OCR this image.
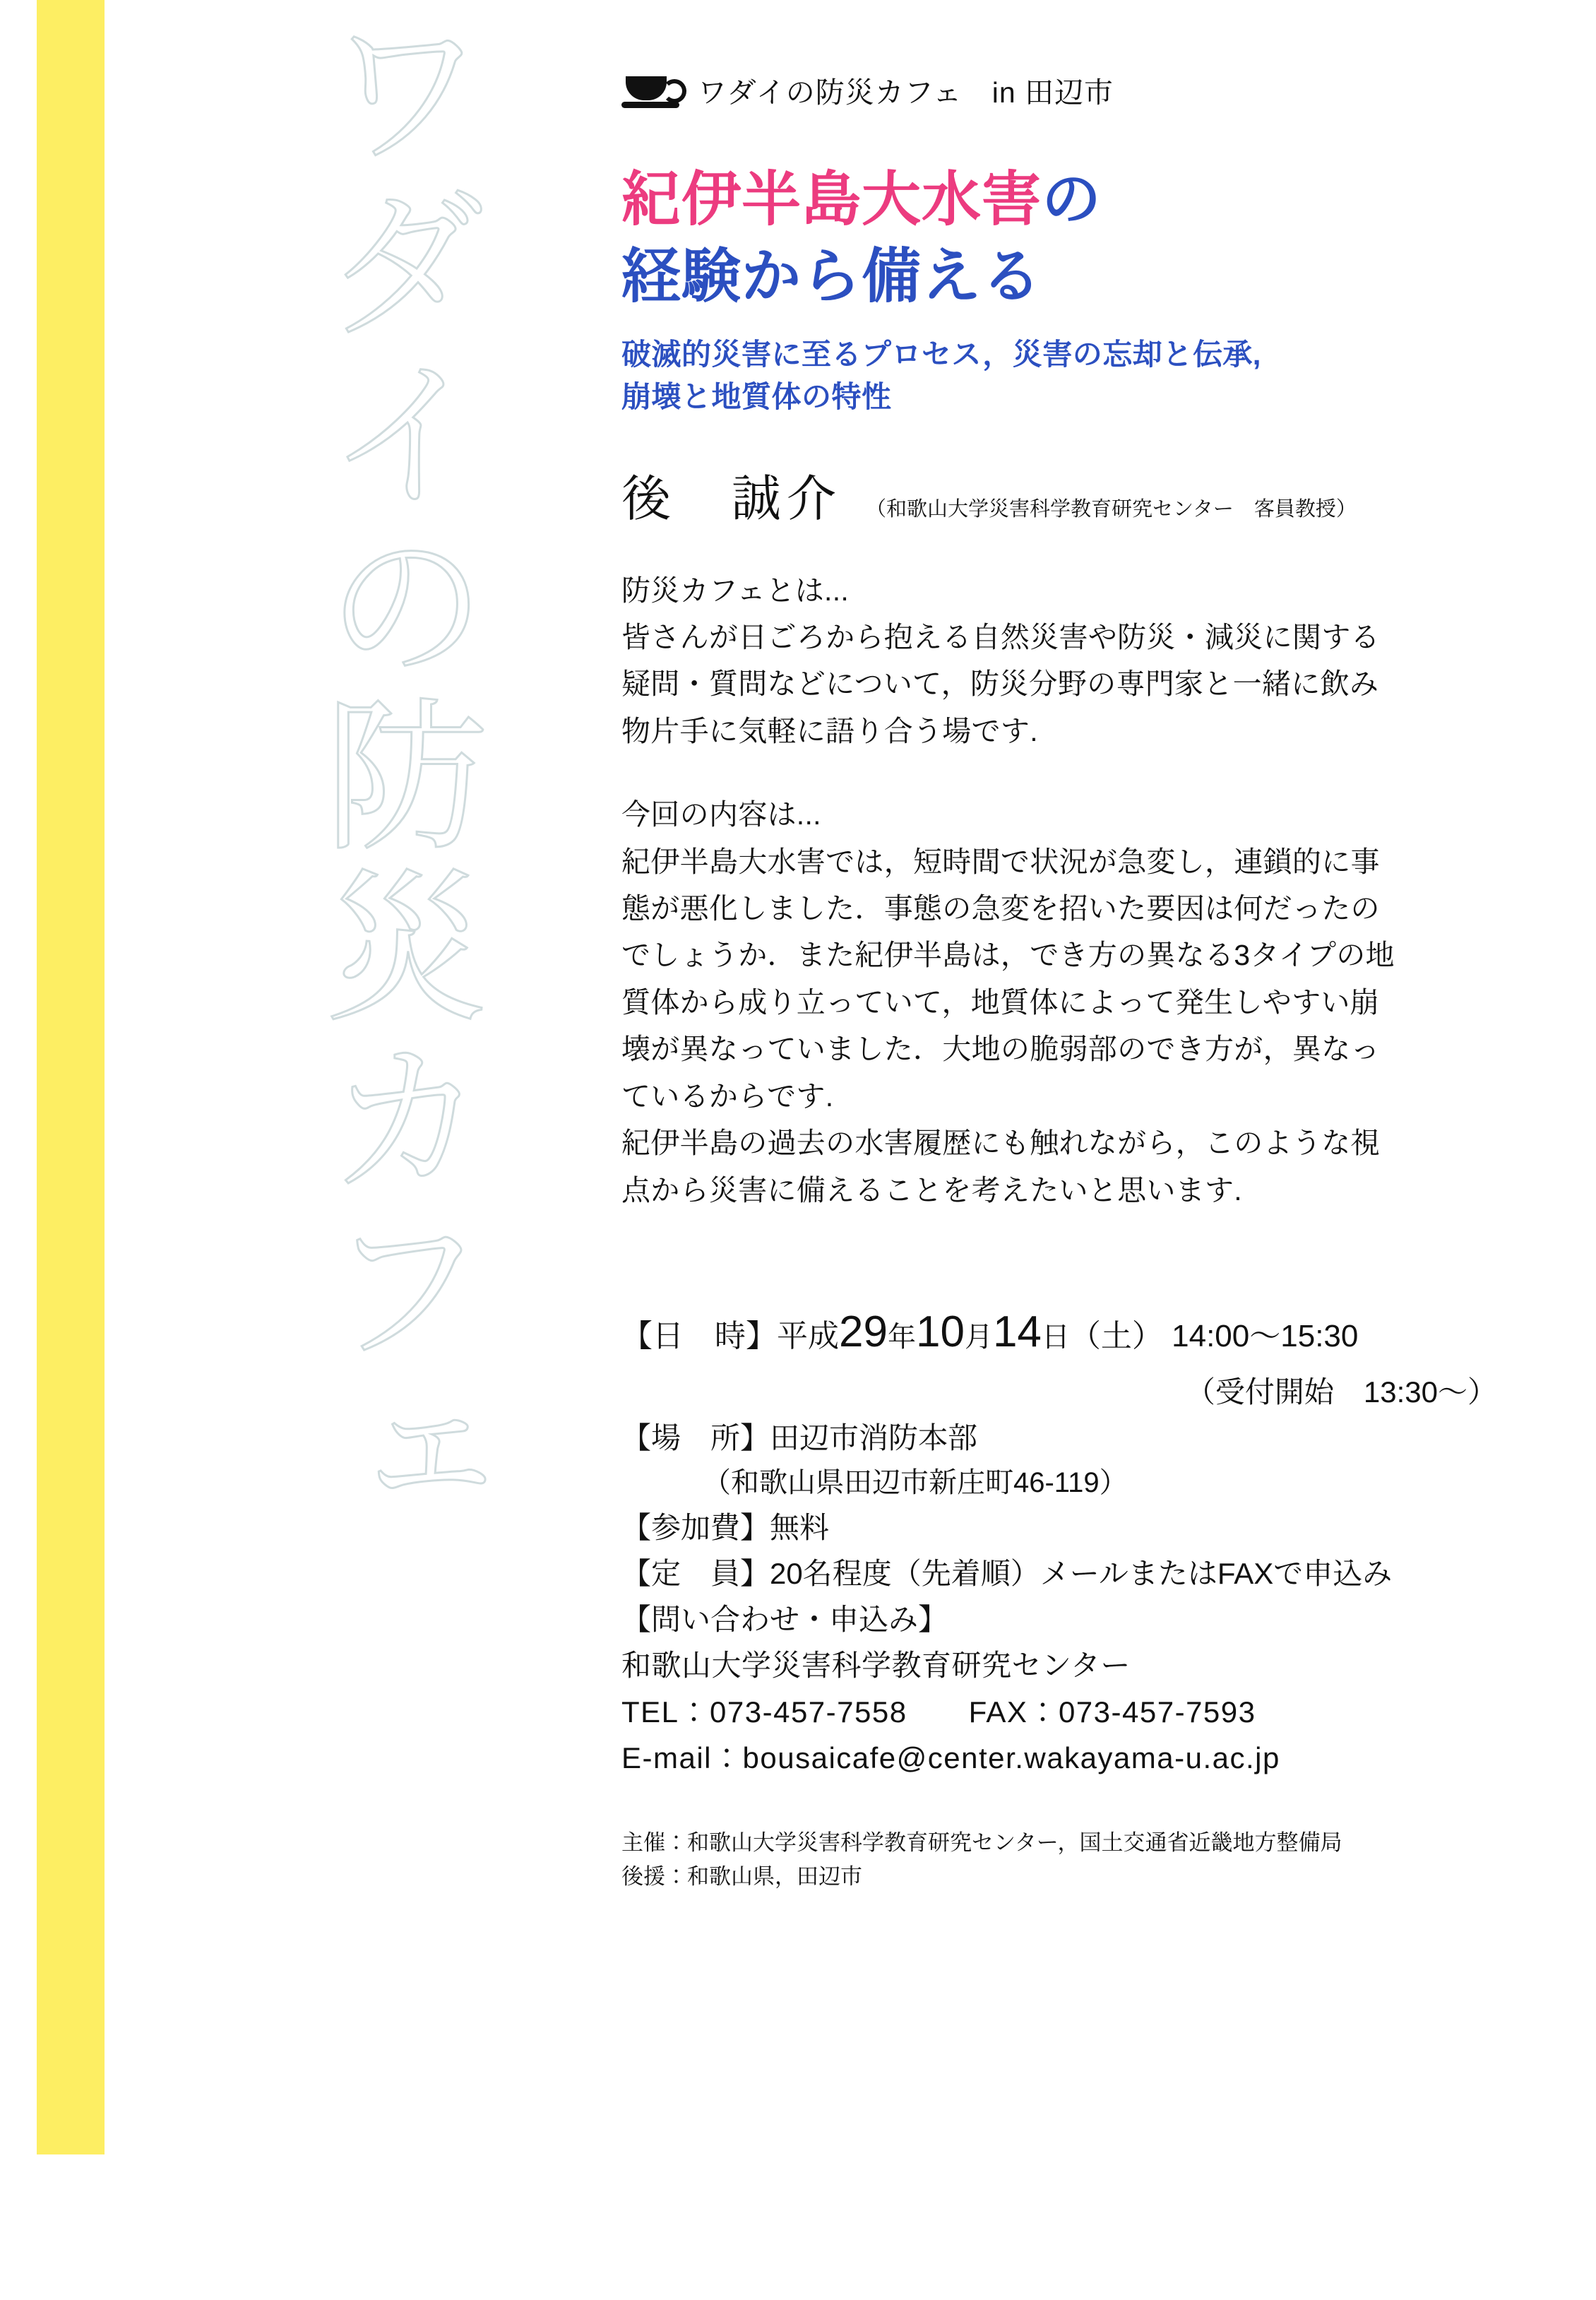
ワダイの防災カフェ	ワダイの防災カフェ　in 田辺市
紀伊半島大水害の
経験から備える
破滅的災害に至るプロセス，災害の忘却と伝承,
崩壊と地質体の特性
後　誠介 （和歌山大学災害科学教育研究センター　客員教授）

防災カフェとは...

皆さんが日ごろから抱える自然災害や防災・減災に関する

疑問・質問などについて，防災分野の専門家と一緒に飲み

物片手に気軽に語り合う場です.

今回の内容は...

紀伊半島大水害では，短時間で状況が急変し，連鎖的に事

態が悪化しました．事態の急変を招いた要因は何だったの

でしょうか．また紀伊半島は，でき方の異なる3タイプの地

質体から成り立っていて，地質体によって発生しやすい崩

壊が異なっていました．大地の脆弱部のでき方が，異なっ

ているからです.

紀伊半島の過去の水害履歴にも触れながら，このような視

点から災害に備えることを考えたいと思います.

【日　時】平成29年10月14日（土） 14:00〜15:30
（受付開始　13:30〜）
【場　所】田辺市消防本部
（和歌山県田辺市新庄町46-119）
【参加費】無料
【定　員】20名程度（先着順）メールまたはFAXで申込み
【問い合わせ・申込み】
和歌山大学災害科学教育研究センター
TEL：073-457-7558　　FAX：073-457-7593
E-mail：bousaicafe@center.wakayama-u.ac.jp
主催：和歌山大学災害科学教育研究センター，国土交通省近畿地方整備局
後援：和歌山県，田辺市
